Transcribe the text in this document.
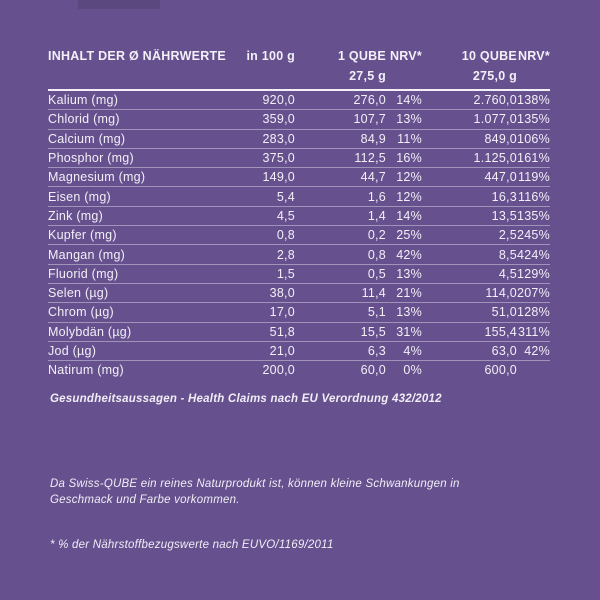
INHALT DER Ø NÄHRWERTE	in 100 g	1 QUBE	NRV*	10 QUBE	NRV*
		27,5 g		275,0 g	
Kalium (mg)	920,0	276,0	14%	2.760,0	138%
Chlorid (mg)	359,0	107,7	13%	1.077,0	135%
Calcium (mg)	283,0	84,9	11%	849,0	106%
Phosphor (mg)	375,0	112,5	16%	1.125,0	161%
Magnesium (mg)	149,0	44,7	12%	447,0	119%
Eisen (mg)	5,4	1,6	12%	16,3	116%
Zink (mg)	4,5	1,4	14%	13,5	135%
Kupfer (mg)	0,8	0,2	25%	2,5	245%
Mangan (mg)	2,8	0,8	42%	8,5	424%
Fluorid (mg)	1,5	0,5	13%	4,5	129%
Selen (µg)	38,0	11,4	21%	114,0	207%
Chrom (µg)	17,0	5,1	13%	51,0	128%
Molybdän (µg)	51,8	15,5	31%	155,4	311%
Jod (µg)	21,0	6,3	4%	63,0	42%
Natirum (mg)	200,0	60,0	0%	600,0	
Gesundheitsaussagen - Health Claims nach EU Verordnung 432/2012
Da Swiss-QUBE ein reines Naturprodukt ist, können kleine Schwankungen in Geschmack und Farbe vorkommen.
* % der Nährstoffbezugswerte nach EUVO/1169/2011
